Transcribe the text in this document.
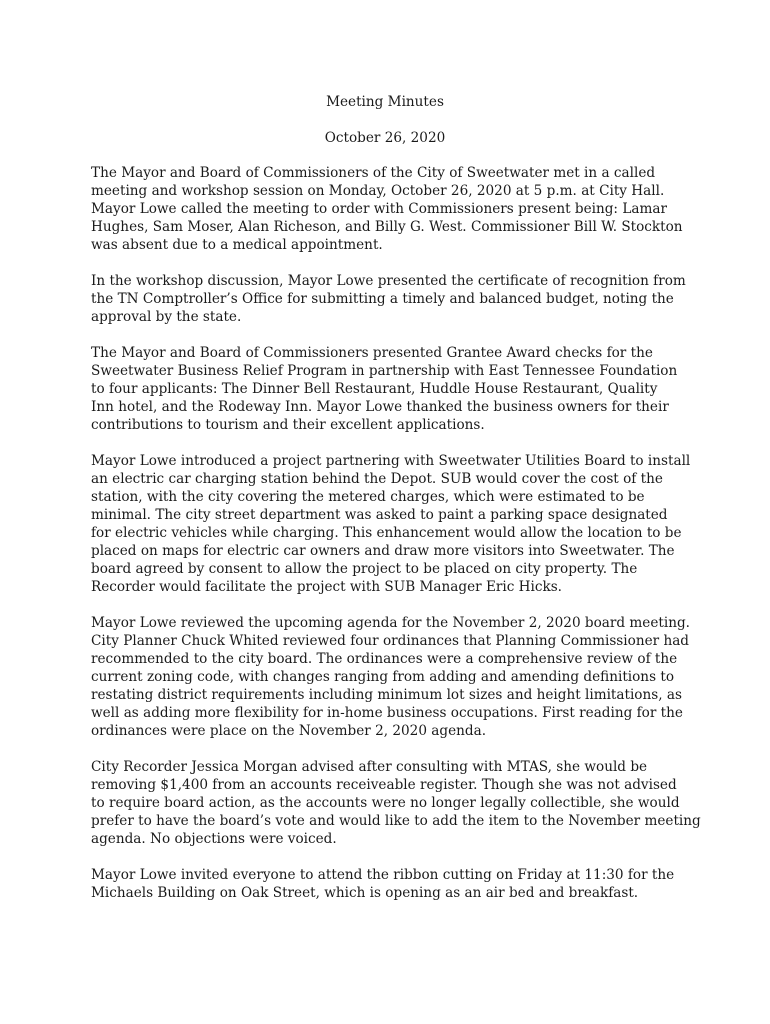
Meeting Minutes

October 26, 2020

The Mayor and Board of Commissioners of the City of Sweetwater met in a called
meeting and workshop session on Monday, October 26, 2020 at 5 p.m. at City Hall.
Mayor Lowe called the meeting to order with Commissioners present being: Lamar
Hughes, Sam Moser, Alan Richeson, and Billy G. West. Commissioner Bill W. Stockton
was absent due to a medical appointment.

In the workshop discussion, Mayor Lowe presented the certificate of recognition from
the TN Comptroller’s Office for submitting a timely and balanced budget, noting the
approval by the state.

The Mayor and Board of Commissioners presented Grantee Award checks for the
Sweetwater Business Relief Program in partnership with East Tennessee Foundation
to four applicants: The Dinner Bell Restaurant, Huddle House Restaurant, Quality
Inn hotel, and the Rodeway Inn. Mayor Lowe thanked the business owners for their
contributions to tourism and their excellent applications.

Mayor Lowe introduced a project partnering with Sweetwater Utilities Board to install
an electric car charging station behind the Depot. SUB would cover the cost of the
station, with the city covering the metered charges, which were estimated to be
minimal. The city street department was asked to paint a parking space designated
for electric vehicles while charging. This enhancement would allow the location to be
placed on maps for electric car owners and draw more visitors into Sweetwater. The
board agreed by consent to allow the project to be placed on city property. The
Recorder would facilitate the project with SUB Manager Eric Hicks.

Mayor Lowe reviewed the upcoming agenda for the November 2, 2020 board meeting.
City Planner Chuck Whited reviewed four ordinances that Planning Commissioner had
recommended to the city board. The ordinances were a comprehensive review of the
current zoning code, with changes ranging from adding and amending definitions to
restating district requirements including minimum lot sizes and height limitations, as
well as adding more flexibility for in-home business occupations. First reading for the
ordinances were place on the November 2, 2020 agenda.

City Recorder Jessica Morgan advised after consulting with MTAS, she would be
removing $1,400 from an accounts receiveable register. Though she was not advised
to require board action, as the accounts were no longer legally collectible, she would
prefer to have the board’s vote and would like to add the item to the November meeting
agenda. No objections were voiced.

Mayor Lowe invited everyone to attend the ribbon cutting on Friday at 11:30 for the
Michaels Building on Oak Street, which is opening as an air bed and breakfast.
